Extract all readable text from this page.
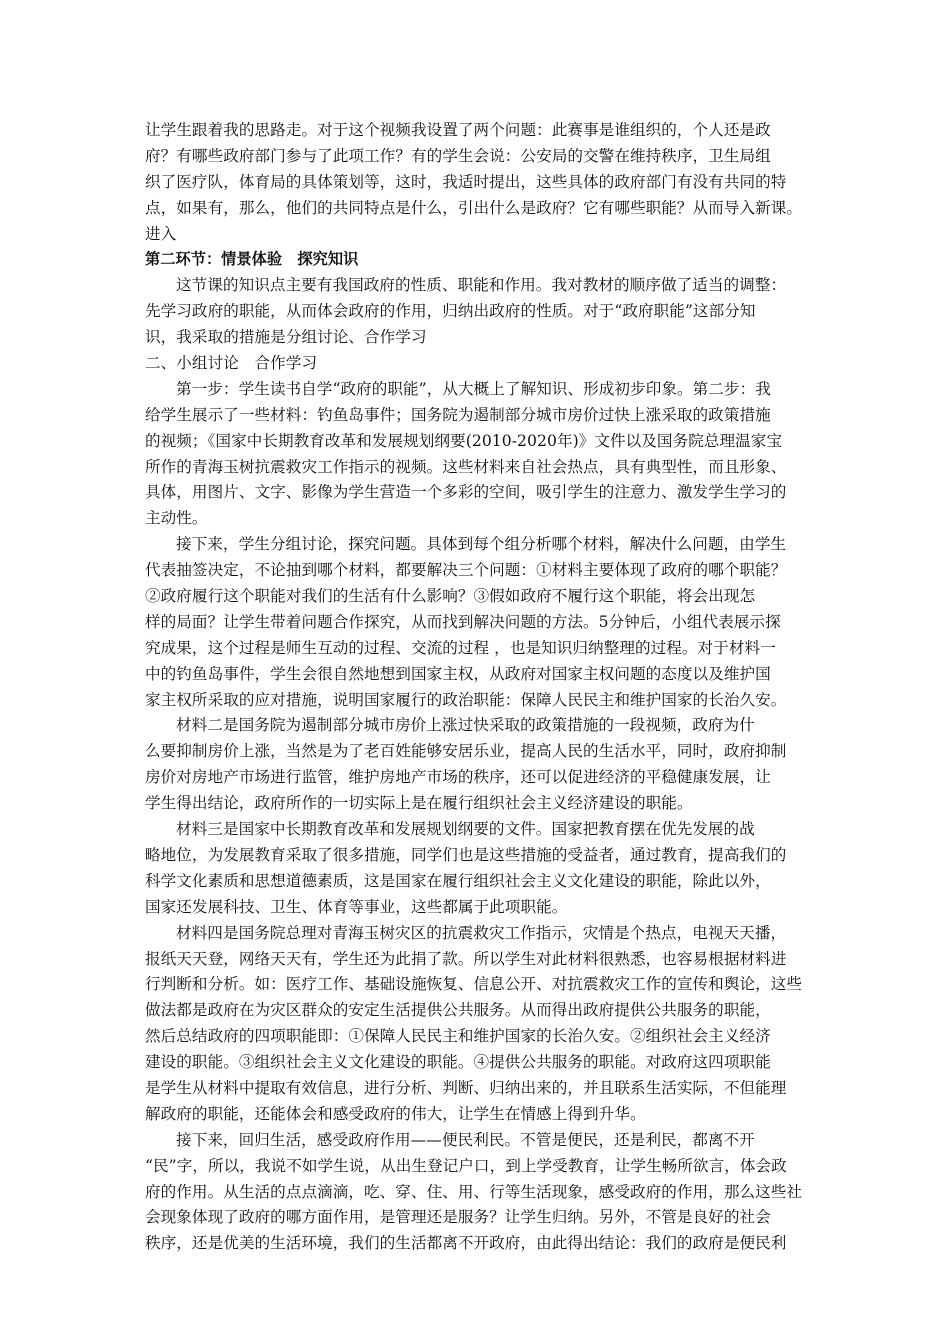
让学生跟着我的思路走。对于这个视频我设置了两个问题：此赛事是谁组织的，个人还是政
府？有哪些政府部门参与了此项工作？有的学生会说：公安局的交警在维持秩序，卫生局组
织了医疗队，体育局的具体策划等，这时，我适时提出，这些具体的政府部门有没有共同的特
点，如果有，那么，他们的共同特点是什么，引出什么是政府？它有哪些职能？从而导入新课。
进入
第二环节：情景体验　探究知识
这节课的知识点主要有我国政府的性质、职能和作用。我对教材的顺序做了适当的调整：
先学习政府的职能，从而体会政府的作用，归纳出政府的性质。对于“政府职能”这部分知
识，我采取的措施是分组讨论、合作学习
二、小组讨论　合作学习
第一步：学生读书自学“政府的职能”，从大概上了解知识、形成初步印象。第二步：我
给学生展示了一些材料：钓鱼岛事件；国务院为遏制部分城市房价过快上涨采取的政策措施
的视频；《国家中长期教育改革和发展规划纲要(2010-2020年)》文件以及国务院总理温家宝
所作的青海玉树抗震救灾工作指示的视频。这些材料来自社会热点，具有典型性，而且形象、
具体，用图片、文字、影像为学生营造一个多彩的空间，吸引学生的注意力、激发学生学习的
主动性。
接下来，学生分组讨论，探究问题。具体到每个组分析哪个材料，解决什么问题，由学生
代表抽签决定，不论抽到哪个材料，都要解决三个问题：①材料主要体现了政府的哪个职能？
②政府履行这个职能对我们的生活有什么影响？③假如政府不履行这个职能，将会出现怎
样的局面？让学生带着问题合作探究，从而找到解决问题的方法。5分钟后，小组代表展示探
究成果，这个过程是师生互动的过程、交流的过程 ，也是知识归纳整理的过程。对于材料一
中的钓鱼岛事件，学生会很自然地想到国家主权，从政府对国家主权问题的态度以及维护国
家主权所采取的应对措施，说明国家履行的政治职能：保障人民民主和维护国家的长治久安。
材料二是国务院为遏制部分城市房价上涨过快采取的政策措施的一段视频，政府为什
么要抑制房价上涨，当然是为了老百姓能够安居乐业，提高人民的生活水平，同时，政府抑制
房价对房地产市场进行监管，维护房地产市场的秩序，还可以促进经济的平稳健康发展，让
学生得出结论，政府所作的一切实际上是在履行组织社会主义经济建设的职能。
材料三是国家中长期教育改革和发展规划纲要的文件。国家把教育摆在优先发展的战
略地位，为发展教育采取了很多措施，同学们也是这些措施的受益者，通过教育，提高我们的
科学文化素质和思想道德素质，这是国家在履行组织社会主义文化建设的职能，除此以外，
国家还发展科技、卫生、体育等事业，这些都属于此项职能。
材料四是国务院总理对青海玉树灾区的抗震救灾工作指示，灾情是个热点，电视天天播，
报纸天天登，网络天天有，学生还为此捐了款。所以学生对此材料很熟悉，也容易根据材料进
行判断和分析。如：医疗工作、基础设施恢复、信息公开、对抗震救灾工作的宣传和舆论，这些
做法都是政府在为灾区群众的安定生活提供公共服务。从而得出政府提供公共服务的职能，
然后总结政府的四项职能即：①保障人民民主和维护国家的长治久安。②组织社会主义经济
建设的职能。③组织社会主义文化建设的职能。④提供公共服务的职能。对政府这四项职能
是学生从材料中提取有效信息，进行分析、判断、归纳出来的，并且联系生活实际，不但能理
解政府的职能，还能体会和感受政府的伟大，让学生在情感上得到升华。
接下来，回归生活，感受政府作用——便民利民。不管是便民，还是利民，都离不开
“民”字，所以，我说不如学生说，从出生登记户口，到上学受教育，让学生畅所欲言，体会政
府的作用。从生活的点点滴滴，吃、穿、住、用、行等生活现象，感受政府的作用，那么这些社
会现象体现了政府的哪方面作用，是管理还是服务？让学生归纳。另外，不管是良好的社会
秩序，还是优美的生活环境，我们的生活都离不开政府，由此得出结论：我们的政府是便民利
